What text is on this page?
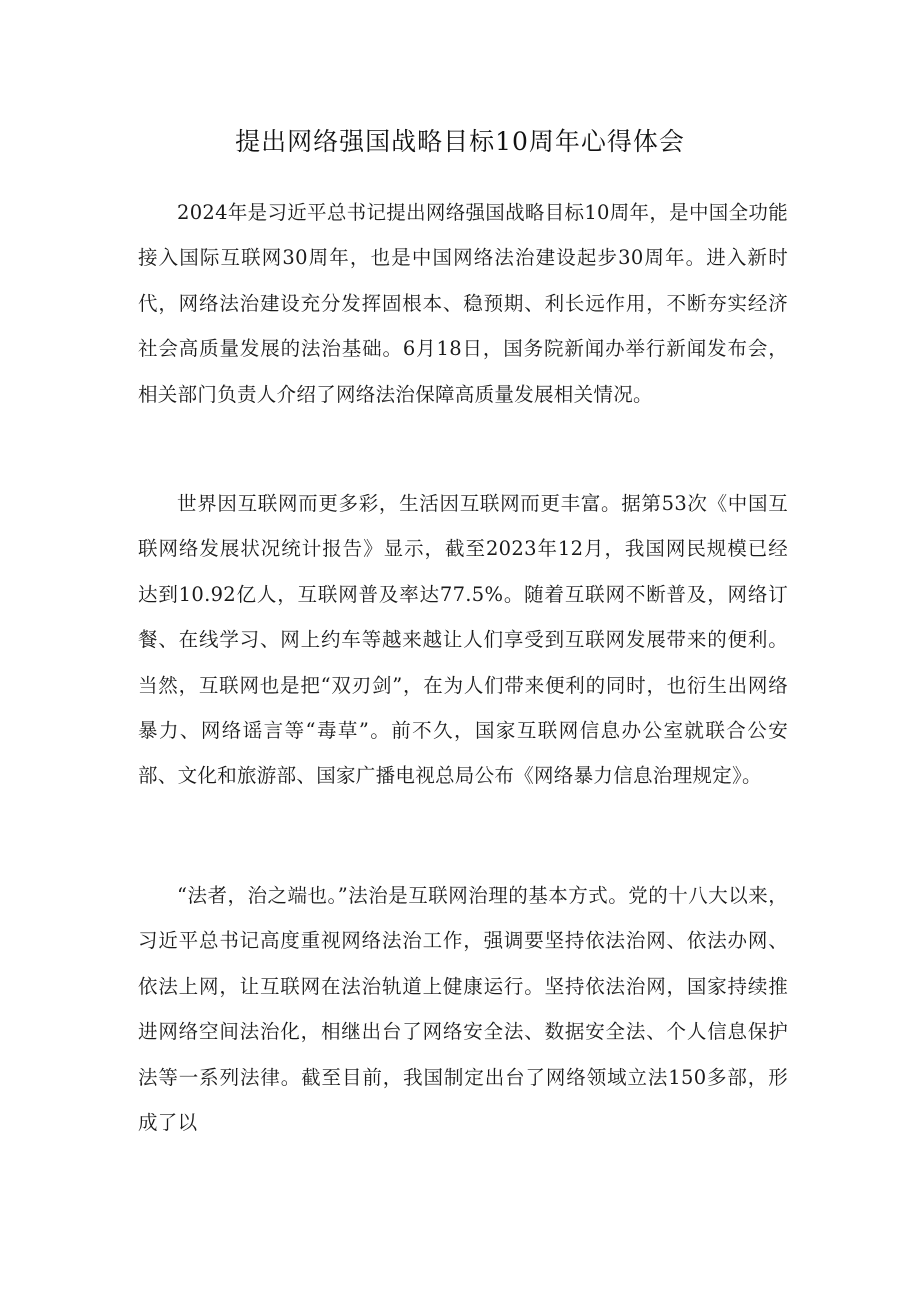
提出网络强国战略目标10周年心得体会

2024年是习近平总书记提出网络强国战略目标10周年，是中国全功能接入国际互联网30周年，也是中国网络法治建设起步30周年。进入新时代，网络法治建设充分发挥固根本、稳预期、利长远作用，不断夯实经济社会高质量发展的法治基础。6月18日，国务院新闻办举行新闻发布会，相关部门负责人介绍了网络法治保障高质量发展相关情况。

世界因互联网而更多彩，生活因互联网而更丰富。据第53次《中国互联网络发展状况统计报告》显示，截至2023年12月，我国网民规模已经达到10.92亿人，互联网普及率达77.5%。随着互联网不断普及，网络订餐、在线学习、网上约车等越来越让人们享受到互联网发展带来的便利。当然，互联网也是把“双刃剑”，在为人们带来便利的同时，也衍生出网络暴力、网络谣言等“毒草”。前不久，国家互联网信息办公室就联合公安部、文化和旅游部、国家广播电视总局公布《网络暴力信息治理规定》。

“法者，治之端也。”法治是互联网治理的基本方式。党的十八大以来，习近平总书记高度重视网络法治工作，强调要坚持依法治网、依法办网、依法上网，让互联网在法治轨道上健康运行。坚持依法治网，国家持续推进网络空间法治化，相继出台了网络安全法、数据安全法、个人信息保护法等一系列法律。截至目前，我国制定出台了网络领域立法150多部，形成了以
